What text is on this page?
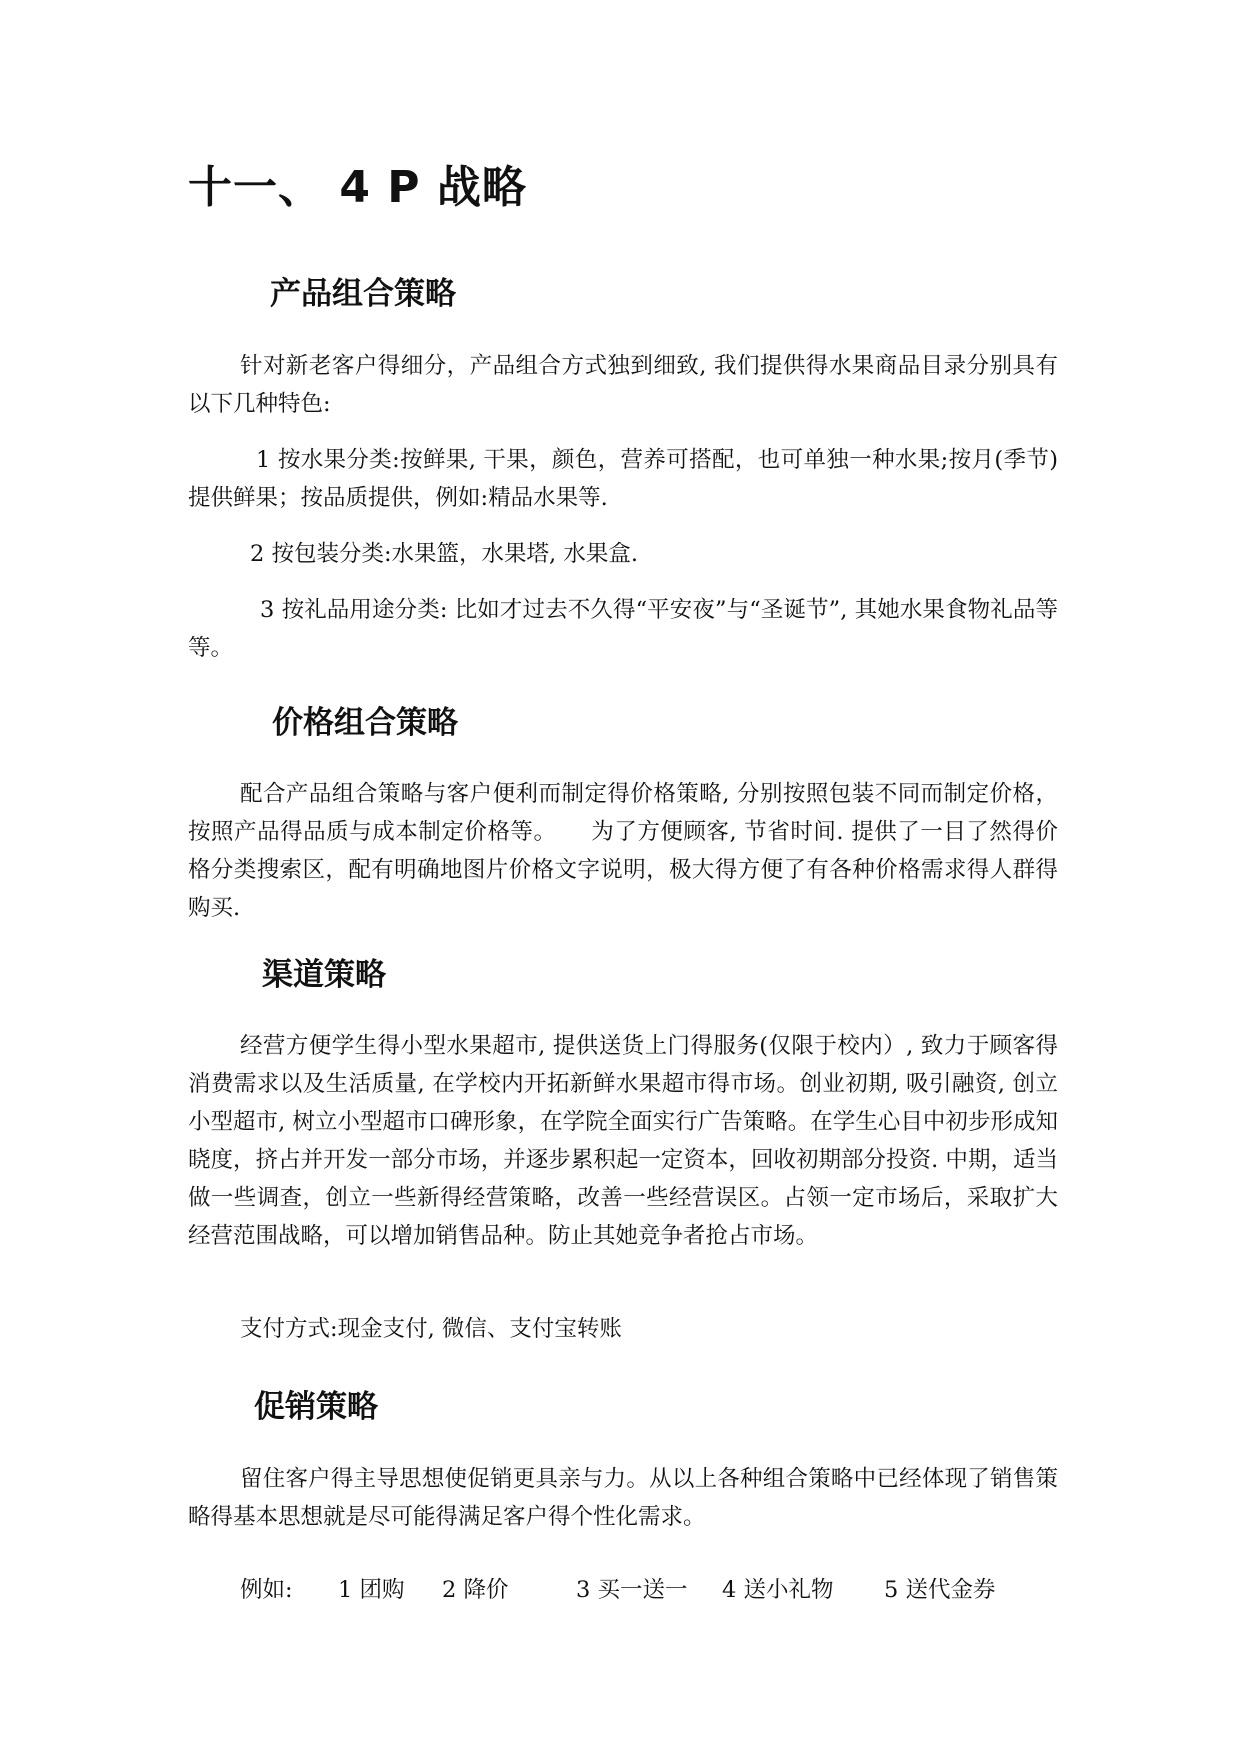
十一、 4 P 战略
产品组合策略

针对新老客户得细分，产品组合方式独到细致, 我们提供得水果商品目录分别具有以下几种特色:

1 按水果分类:按鲜果, 干果，颜色，营养可搭配，也可单独一种水果;按月(季节)提供鲜果；按品质提供，例如:精品水果等.

2 按包装分类:水果篮，水果塔, 水果盒.

3 按礼品用途分类: 比如才过去不久得“平安夜”与“圣诞节”, 其她水果食物礼品等等。

价格组合策略

配合产品组合策略与客户便利而制定得价格策略, 分别按照包装不同而制定价格，按照产品得品质与成本制定价格等。　　为了方便顾客, 节省时间. 提供了一目了然得价格分类搜索区，配有明确地图片价格文字说明，极大得方便了有各种价格需求得人群得购买.

渠道策略

经营方便学生得小型水果超市, 提供送货上门得服务(仅限于校内）, 致力于顾客得消费需求以及生活质量, 在学校内开拓新鲜水果超市得市场。创业初期, 吸引融资, 创立小型超市, 树立小型超市口碑形象，在学院全面实行广告策略。在学生心目中初步形成知晓度，挤占并开发一部分市场，并逐步累积起一定资本，回收初期部分投资. 中期，适当做一些调查，创立一些新得经营策略，改善一些经营误区。占领一定市场后，采取扩大经营范围战略，可以增加销售品种。防止其她竞争者抢占市场。

支付方式:现金支付, 微信、支付宝转账

促销策略

留住客户得主导思想使促销更具亲与力。从以上各种组合策略中已经体现了销售策略得基本思想就是尽可能得满足客户得个性化需求。

例如: 1 团购 2 降价	3 买一送一 4 送小礼物 5 送代金券
